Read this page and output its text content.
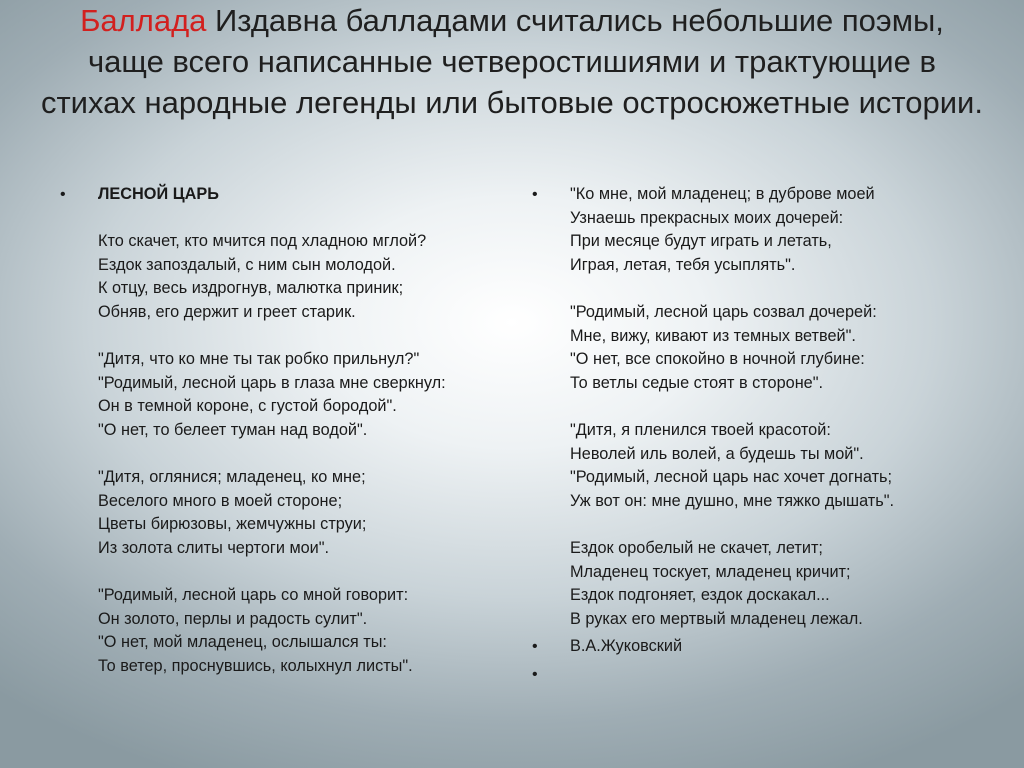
Баллада Издавна балладами считались небольшие поэмы, чаще всего написанные четверостишиями и трактующие в стихах народные легенды или бытовые остросюжетные истории.
• ЛЕСНОЙ ЦАРЬ
Кто скачет, кто мчится под хладною мглой?
Ездок запоздалый, с ним сын молодой.
К отцу, весь издрогнув, малютка приник;
Обняв, его держит и греет старик.
"Дитя, что ко мне ты так робко прильнул?"
"Родимый, лесной царь в глаза мне сверкнул:
Он в темной короне, с густой бородой".
"О нет, то белеет туман над водой".
"Дитя, оглянися; младенец, ко мне;
Веселого много в моей стороне;
Цветы бирюзовы, жемчужны струи;
Из золота слиты чертоги мои".
"Родимый, лесной царь со мной говорит:
Он золото, перлы и радость сулит".
"О нет, мой младенец, ослышался ты:
То ветер, проснувшись, колыхнул листы".
• "Ко мне, мой младенец; в дуброве моей
Узнаешь прекрасных моих дочерей:
При месяце будут играть и летать,
Играя, летая, тебя усыплять".
"Родимый, лесной царь созвал дочерей:
Мне, вижу, кивают из темных ветвей".
"О нет, все спокойно в ночной глубине:
То ветлы седые стоят в стороне".
"Дитя, я пленился твоей красотой:
Неволей иль волей, а будешь ты мой".
"Родимый, лесной царь нас хочет догнать;
Уж вот он: мне душно, мне тяжко дышать".
Ездок оробелый не скачет, летит;
Младенец тоскует, младенец кричит;
Ездок подгоняет, ездок доскакал...
В руках его мертвый младенец лежал.
• В.А.Жуковский
•
